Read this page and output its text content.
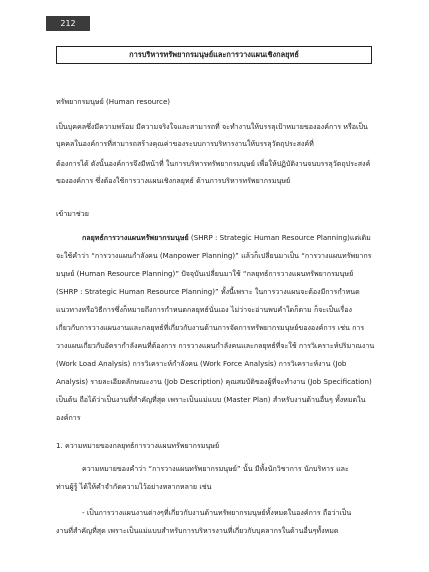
212
การบริหารทรัพยากรมนุษย์และการวางแผนเชิงกลยุทธ์
ทรัพยากรมนุษย์ (Human resource)
เป็นบุคคลซึ่งมีความพร้อม มีความจริงใจและสามารถที่ จะทำงานให้บรรลุเป้าหมายขององค์การ หรือเป็น
บุคคลในองค์การที่สามารถสร้างคุณค่าของระบบการบริหารงานให้บรรลุวัตถุประสงค์ที่
ต้องการได้ ดังนั้นองค์การจึงมีหน้าที่ ในการบริหารทรัพยากรมนุษย์ เพื่อให้ปฏิบัติงานจนบรรลุวัตถุประสงค์
ขององค์การ ซึ่งต้องใช้การวางแผนเชิงกลยุทธ์ ด้านการบริหารทรัพยากรมนุษย์
เข้ามาช่วย
กลยุทธ์การวางแผนทรัพยากรมนุษย์ (SHRP : Strategic Human Resource Planning)แต่เดิม
จะใช้คำว่า “การวางแผนกำลังคน (Manpower Planning)” แล้วก็เปลี่ยนมาเป็น “การวางแผนทรัพยากร
มนุษย์ (Human Resource Planning)” ปัจจุบันเปลี่ยนมาใช้ “กลยุทธ์การวางแผนทรัพยากรมนุษย์
(SHRP : Strategic Human Resource Planning)” ทั้งนี้เพราะ ในการวางแผนจะต้องมีการกำหนด
แนวทางหรือวิธีการซึ่งก็หมายถึงการกำหนดกลยุทธ์นั่นเอง ไม่ว่าจะอ่านพบคำใดก็ตาม ก็จะเป็นเรื่อง
เกี่ยวกับการวางแผนงานและกลยุทธ์ที่เกี่ยวกับงานด้านการจัดการทรัพยากรมนุษย์ขององค์การ เช่น การ
วางแผนเกี่ยวกับอัตรากำลังคนที่ต้องการ การวางแผนกำลังคนและกลยุทธ์ที่จะใช้ การวิเคราะห์ปริมาณงาน
(Work Load Analysis) การวิเคราะห์กำลังคน (Work Force Analysis) การวิเคราะห์งาน (Job
Analysis) รายละเอียดลักษณะงาน (Job Description) คุณสมบัติของผู้ที่จะทำงาน (Job Specification)
เป็นต้น ถือได้ว่าเป็นงานที่สำคัญที่สุด เพราะเป็นแม่แบบ (Master Plan) สำหรับงานด้านอื่นๆ ทั้งหมดใน
องค์การ
1. ความหมายของกลยุทธ์การวางแผนทรัพยากรมนุษย์
ความหมายของคำว่า “การวางแผนทรัพยากรมนุษย์” นั้น มีทั้งนักวิชาการ นักบริหาร และ
ท่านผู้รู้ ได้ให้คำจำกัดความไว้อย่างหลากหลาย เช่น
- เป็นการวางแผนงานต่างๆที่เกี่ยวกับงานด้านทรัพยากรมนุษย์ทั้งหมดในองค์การ ถือว่าเป็น
งานที่สำคัญที่สุด เพราะเป็นแม่แบบสำหรับการบริหารงานที่เกี่ยวกับบุคลากรในด้านอื่นๆทั้งหมด
